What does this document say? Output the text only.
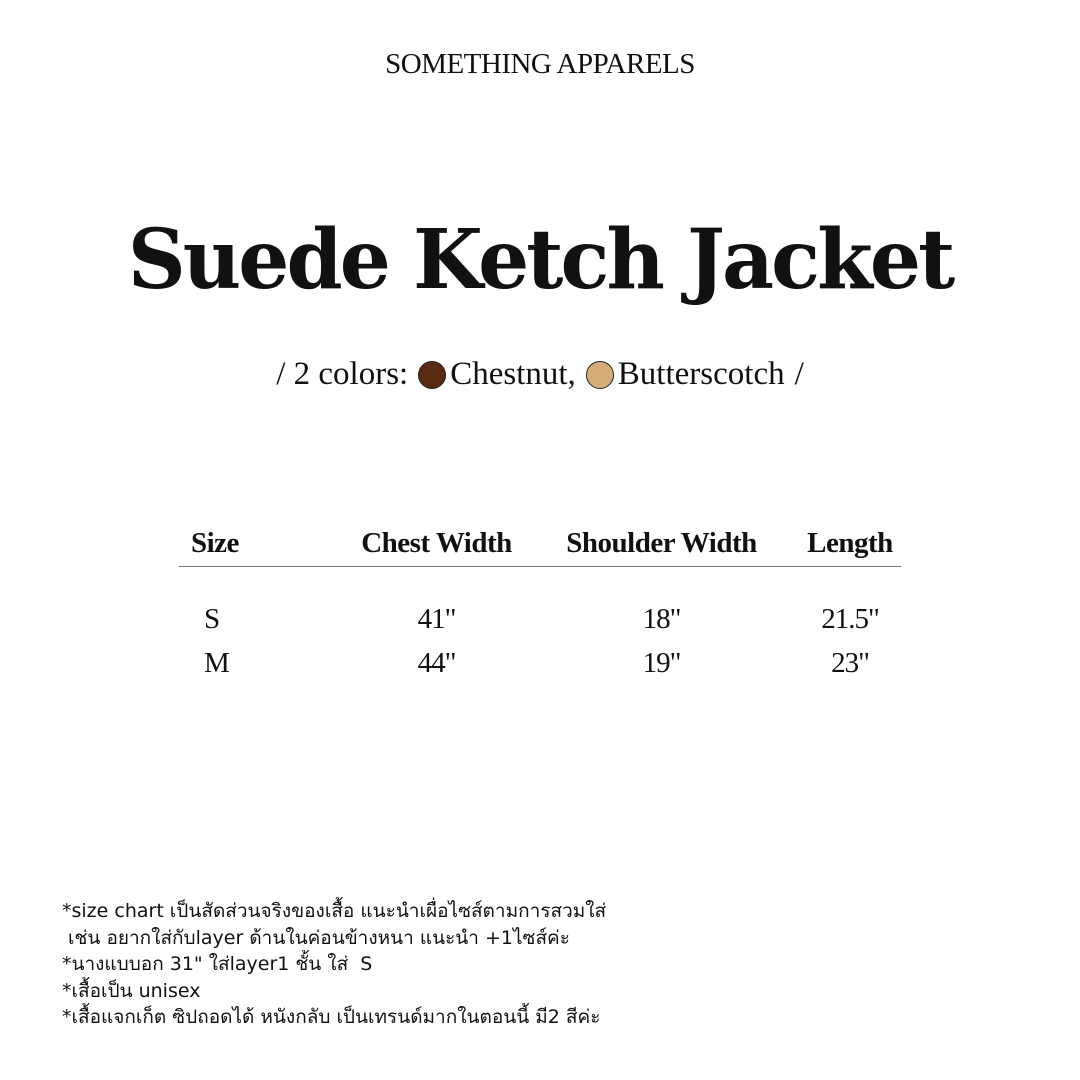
SOMETHING APPARELS
Suede Ketch Jacket
/ 2 colors: Chestnut, Butterscotch /
Size	Chest Width	Shoulder Width	Length
S	41"	18"	21.5"
M	44"	19"	23"
*size chart เป็นสัดส่วนจริงของเสื้อ แนะนำเผื่อไซส์ตามการสวมใส่
เช่น อยากใส่กับlayer ด้านในค่อนข้างหนา แนะนำ +1ไซส์ค่ะ
*นางแบบอก 31" ใส่layer1 ชั้น ใส่  S
*เสื้อเป็น unisex
*เสื้อแจกเก็ต ซิปถอดได้ หนังกลับ เป็นเทรนด์มากในตอนนี้ มี2 สีค่ะ
